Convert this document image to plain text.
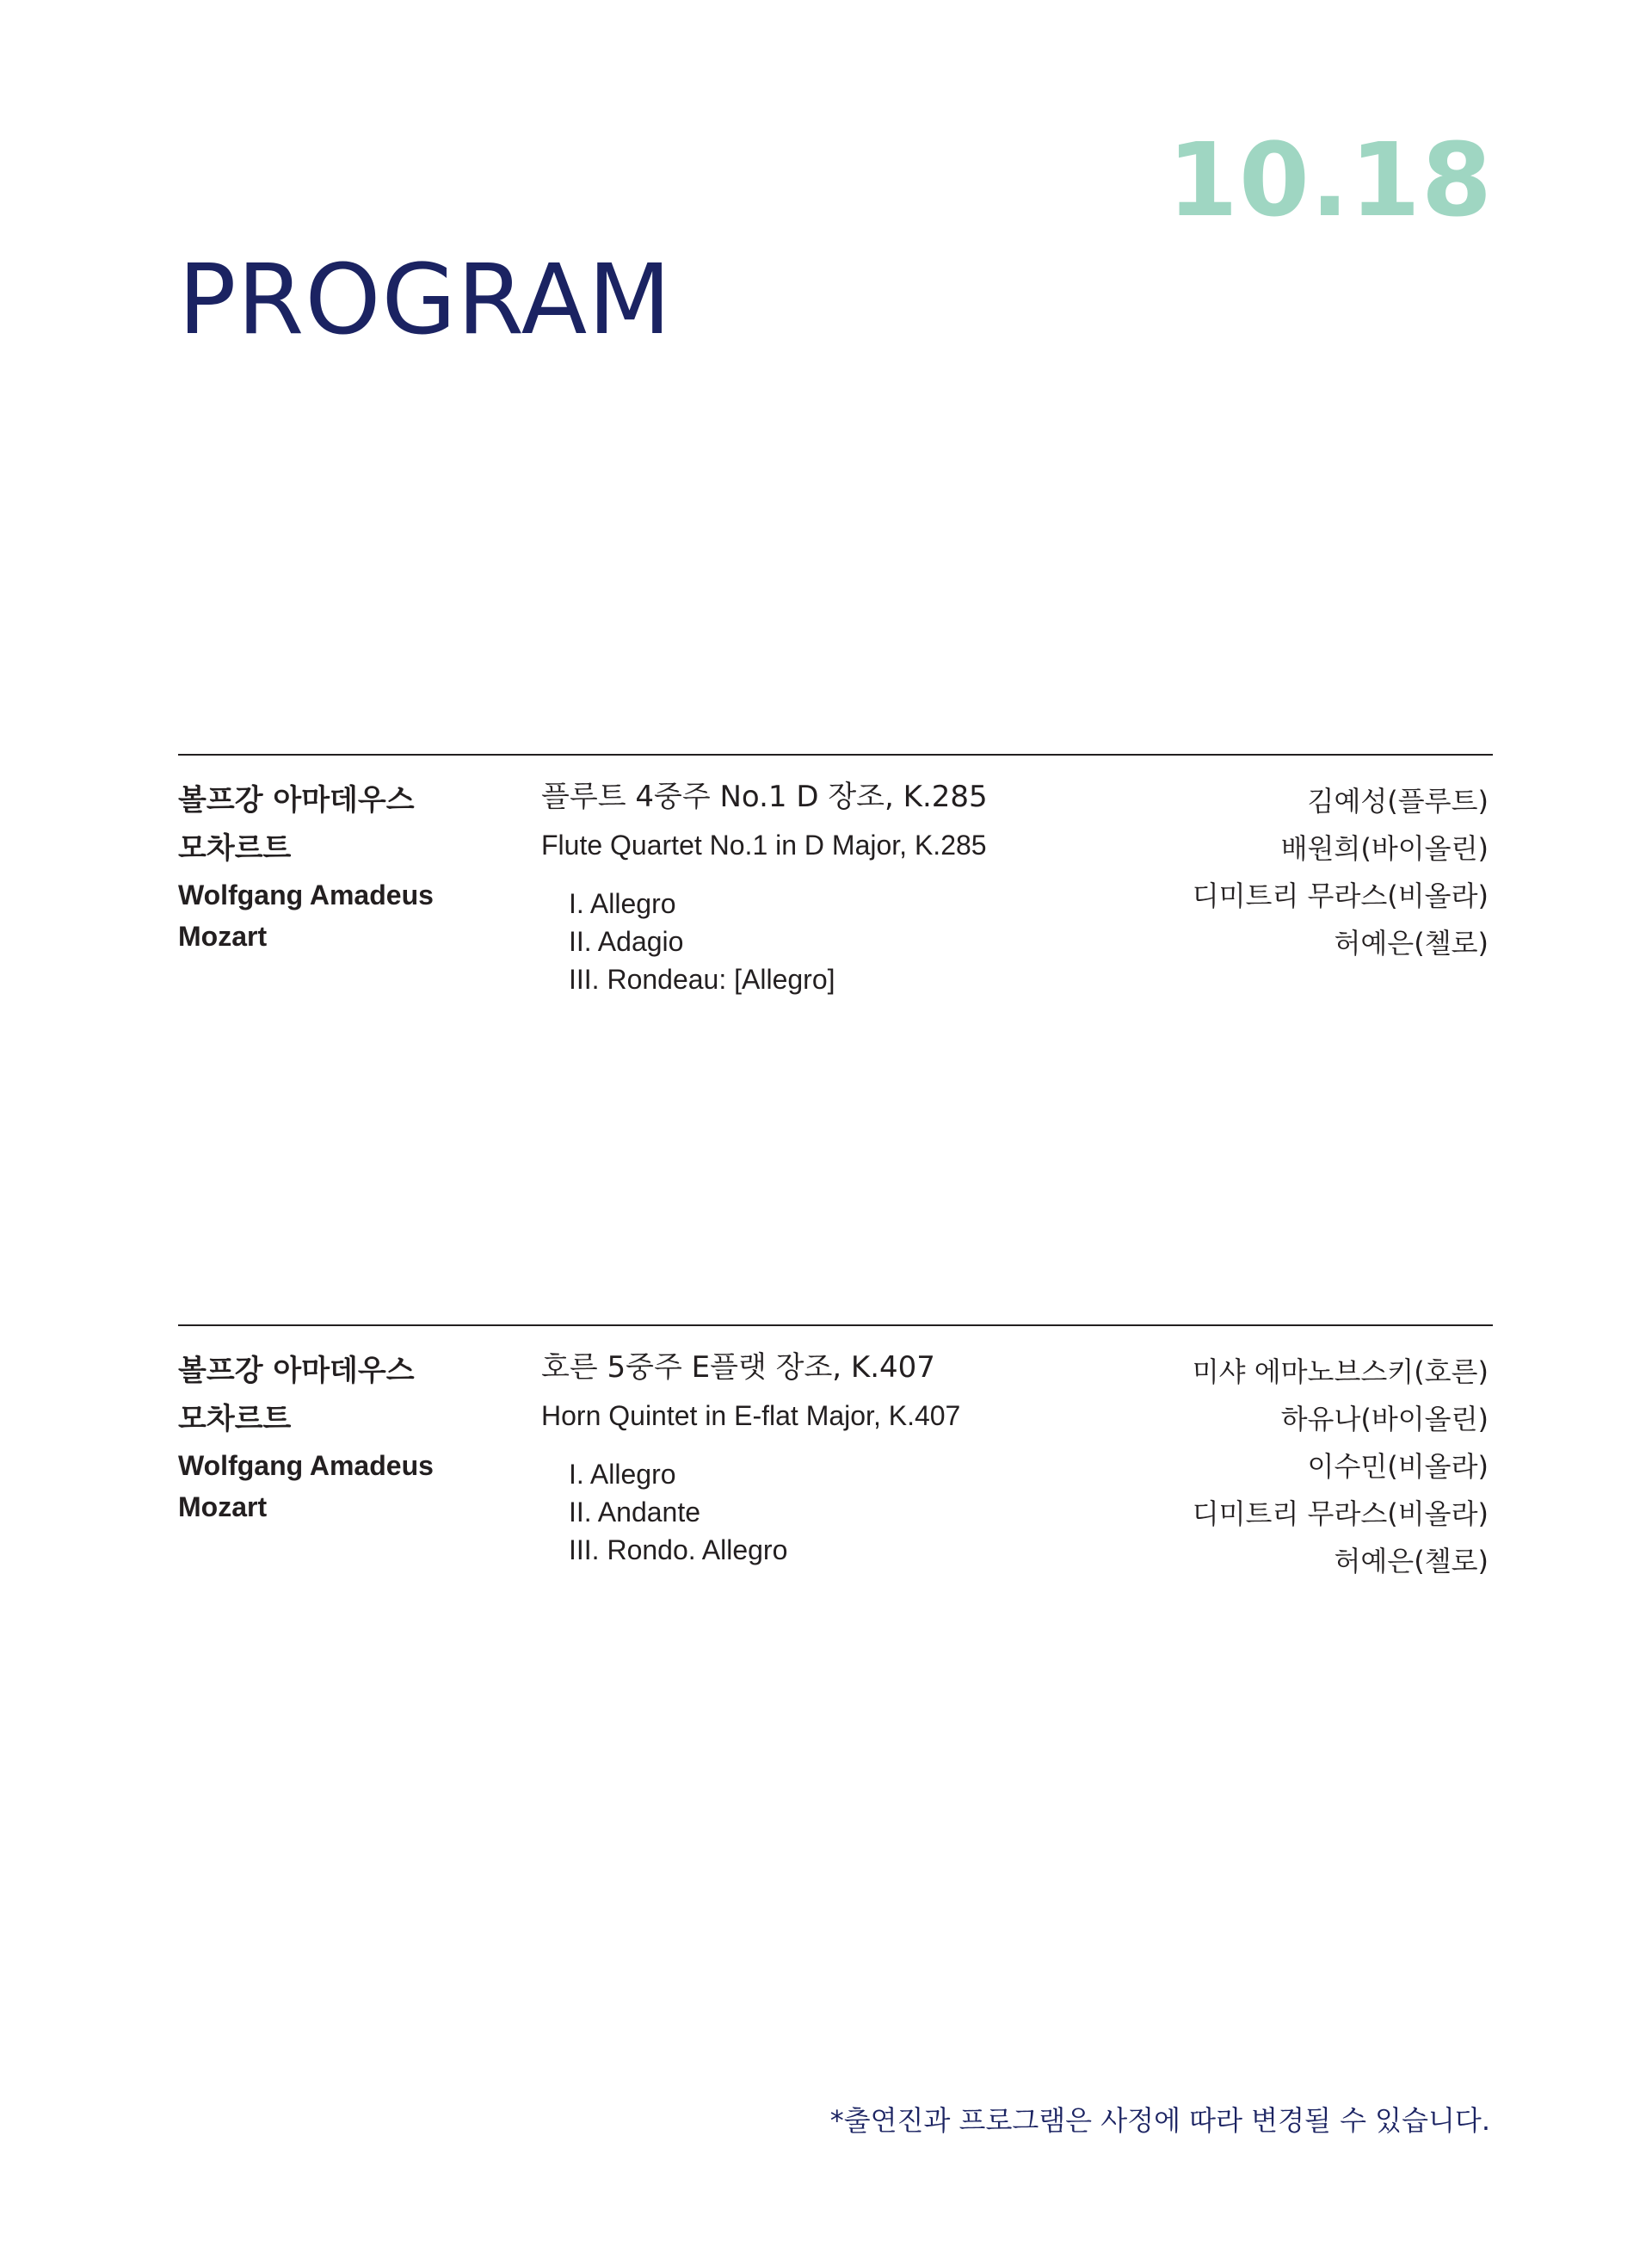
10.18
PROGRAM
볼프강 아마데우스
모차르트
Wolfgang Amadeus
Mozart
플루트 4중주 No.1 D 장조, K.285
Flute Quartet No.1 in D Major, K.285
I. Allegro
II. Adagio
III. Rondeau: [Allegro]
김예성(플루트)
배원희(바이올린)
디미트리 무라스(비올라)
허예은(첼로)
볼프강 아마데우스
모차르트
Wolfgang Amadeus
Mozart
호른 5중주 E플랫 장조, K.407
Horn Quintet in E-flat Major, K.407
I. Allegro
II. Andante
III. Rondo. Allegro
미샤 에마노브스키(호른)
하유나(바이올린)
이수민(비올라)
디미트리 무라스(비올라)
허예은(첼로)
*출연진과 프로그램은 사정에 따라 변경될 수 있습니다.
